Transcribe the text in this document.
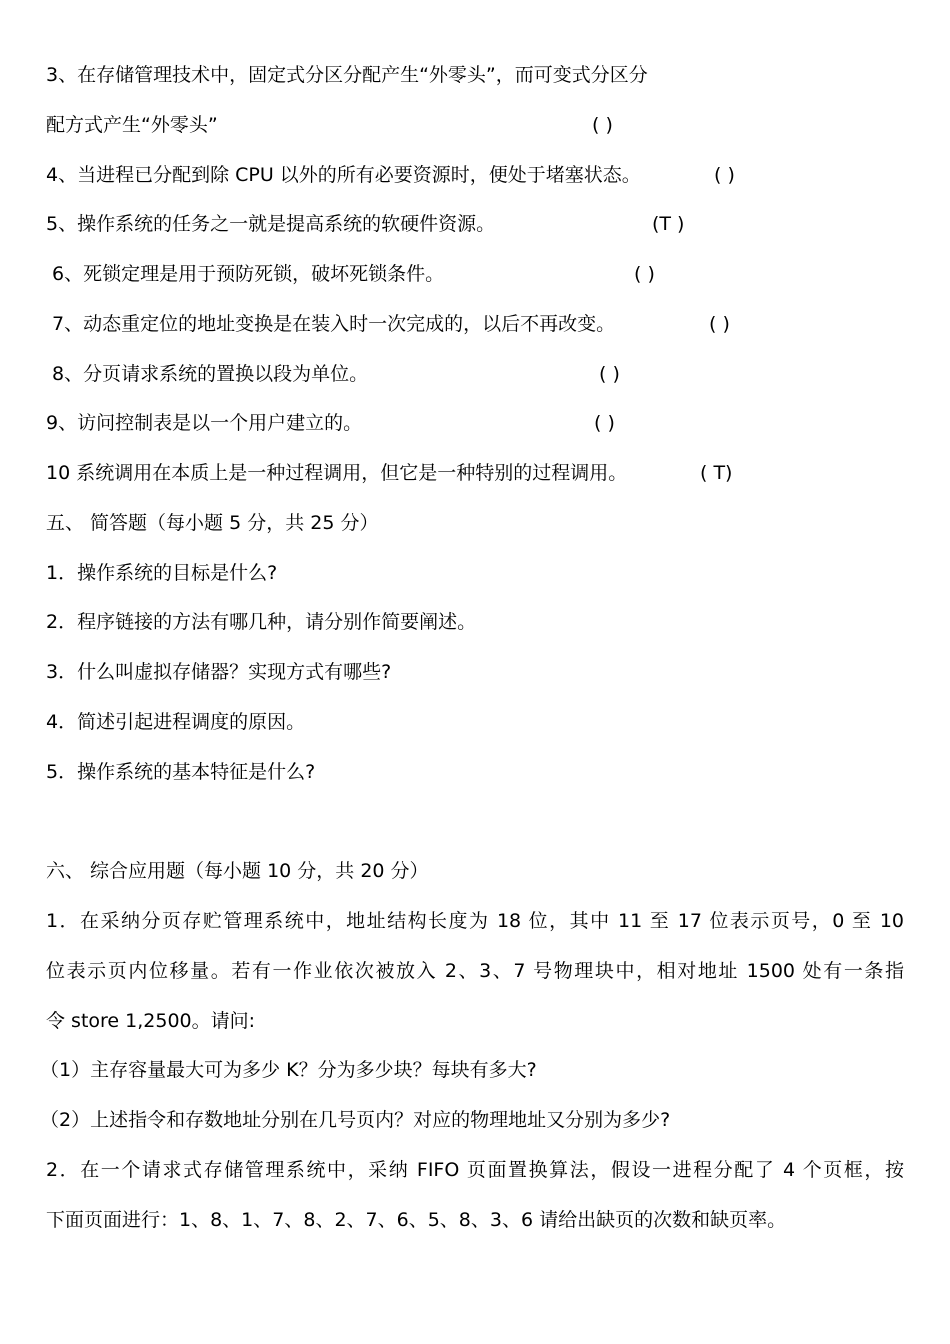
3、在存储管理技术中，固定式分区分配产生“外零头”，而可变式分区分
配方式产生“外零头”	( )
4、当进程已分配到除 CPU 以外的所有必要资源时，便处于堵塞状态。	( )
5、操作系统的任务之一就是提高系统的软硬件资源。	(T )
6、死锁定理是用于预防死锁，破坏死锁条件。	( )
7、动态重定位的地址变换是在装入时一次完成的，以后不再改变。	( )
8、分页请求系统的置换以段为单位。	( )
9、访问控制表是以一个用户建立的。	( )
10 系统调用在本质上是一种过程调用，但它是一种特别的过程调用。	( T)
五、 简答题（每小题 5 分，共 25 分）
1．操作系统的目标是什么?
2．程序链接的方法有哪几种，请分别作简要阐述。
3．什么叫虚拟存储器？实现方式有哪些?
4．简述引起进程调度的原因。
5．操作系统的基本特征是什么?
六、 综合应用题（每小题 10 分，共 20 分）
1．在采纳分页存贮管理系统中，地址结构长度为 18 位，其中 11 至 17 位表示页号，0 至 10
位表示页内位移量。若有一作业依次被放入 2、3、7 号物理块中，相对地址 1500 处有一条指
令 store 1,2500。请问:
（1）主存容量最大可为多少 K？分为多少块？每块有多大?
（2）上述指令和存数地址分别在几号页内？对应的物理地址又分别为多少?
2．在一个请求式存储管理系统中，采纳 FIFO 页面置换算法，假设一进程分配了 4 个页框，按
下面页面进行：1、8、1、7、8、2、7、6、5、8、3、6 请给出缺页的次数和缺页率。
